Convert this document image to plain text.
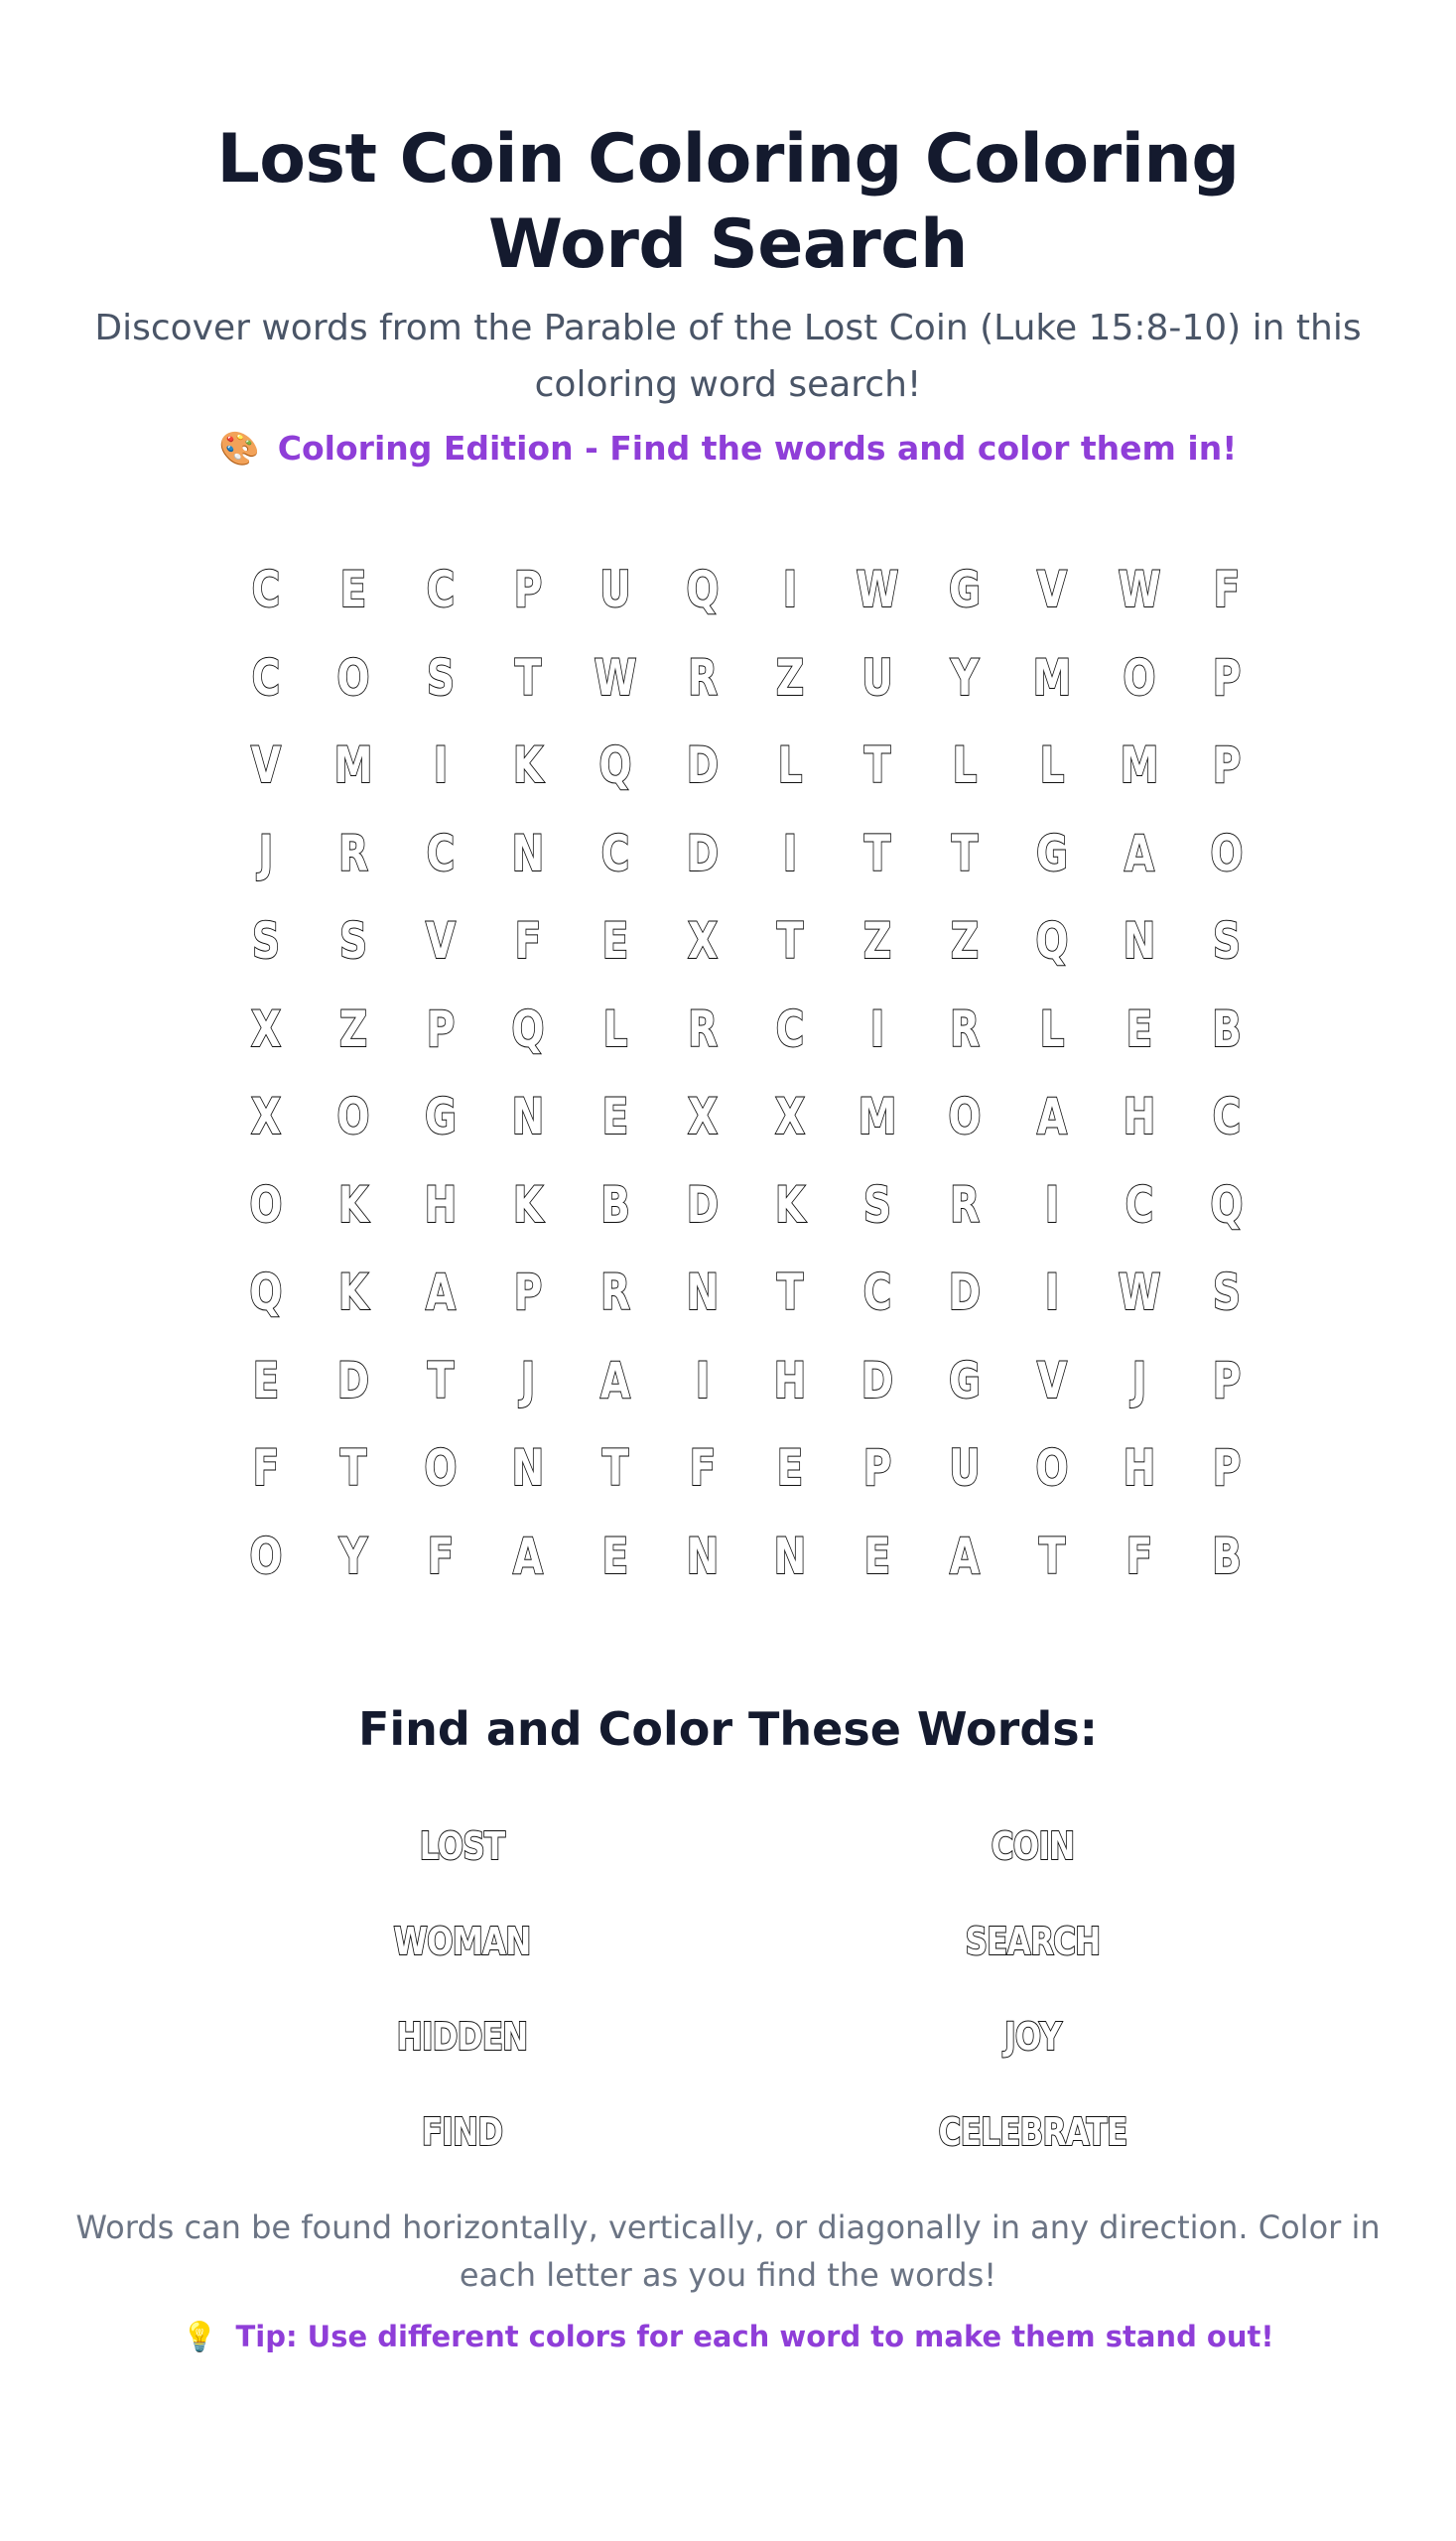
Lost Coin Coloring Coloring Word Search

Discover words from the Parable of the Lost Coin (Luke 15:8-10) in this coloring word search!

🎨 Coloring Edition - Find the words and color them in!
C	E	C	P	U	Q	I	W	G	V	W	F
C	O	S	T	W	R	Z	U	Y	M	O	P
V	M	I	K	Q	D	L	T	L	L	M	P
J	R	C	N	C	D	I	T	T	G	A	O
S	S	V	F	E	X	T	Z	Z	Q	N	S
X	Z	P	Q	L	R	C	I	R	L	E	B
X	O	G	N	E	X	X	M	O	A	H	C
O	K	H	K	B	D	K	S	R	I	C	Q
Q	K	A	P	R	N	T	C	D	I	W	S
E	D	T	J	A	I	H	D	G	V	J	P
F	T	O	N	T	F	E	P	U	O	H	P
O	Y	F	A	E	N	N	E	A	T	F	B
Find and Color These Words:
LOST	COIN
WOMAN	SEARCH
HIDDEN	JOY
FIND	CELEBRATE

Words can be found horizontally, vertically, or diagonally in any direction. Color in each letter as you find the words!

💡 Tip: Use different colors for each word to make them stand out!
